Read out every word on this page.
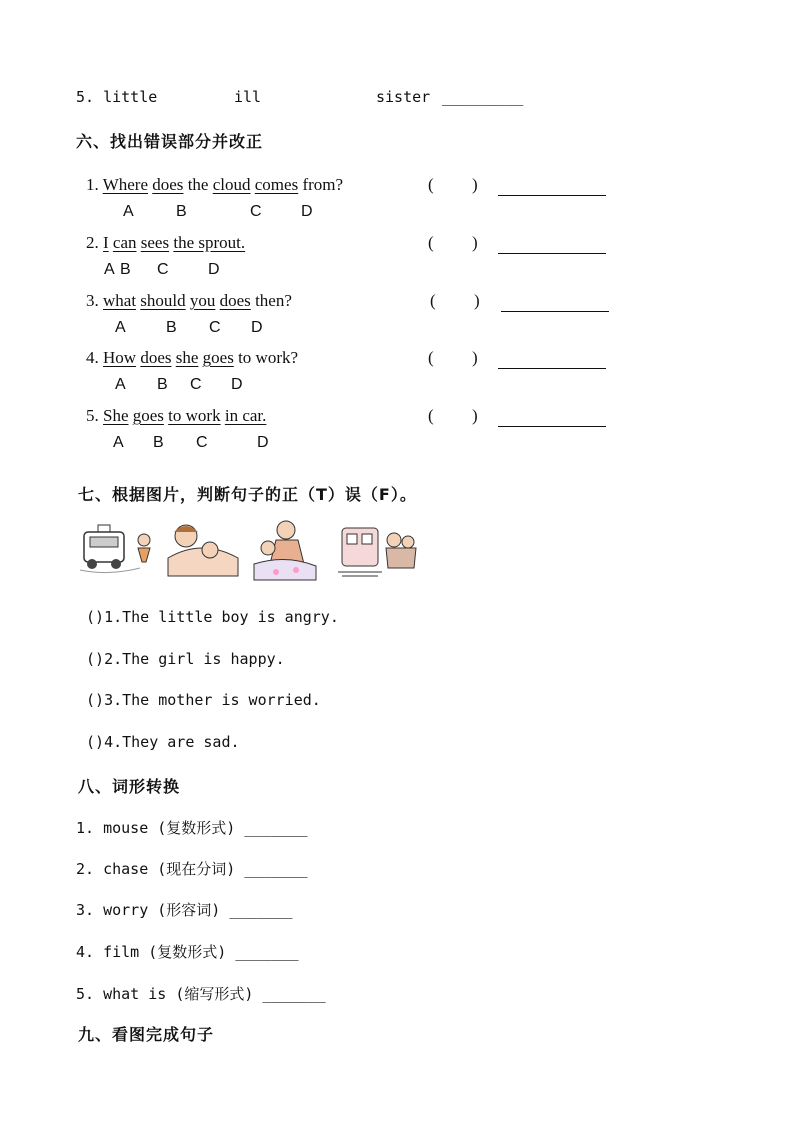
5. little	ill	sister _________
六、找出错误部分并改正
1. Where does the cloud comes from?
A	B	C D
( )
2. I can sees the sprout.
A B C D
( )
3. what should you does then?
A	B C D
( )
4. How does she goes to work?
A B C D
( )
5. She goes to work in car.
A B C	D
( )
七、根据图片，判断句子的正（T）误（F）。
()1.The little boy is angry.
()2.The girl is happy.
()3.The mother is worried.
()4.They are sad.
八、词形转换
1. mouse (复数形式) _______
2. chase (现在分词) _______
3. worry (形容词) _______
4. film (复数形式) _______
5. what is (缩写形式) _______
九、看图完成句子
